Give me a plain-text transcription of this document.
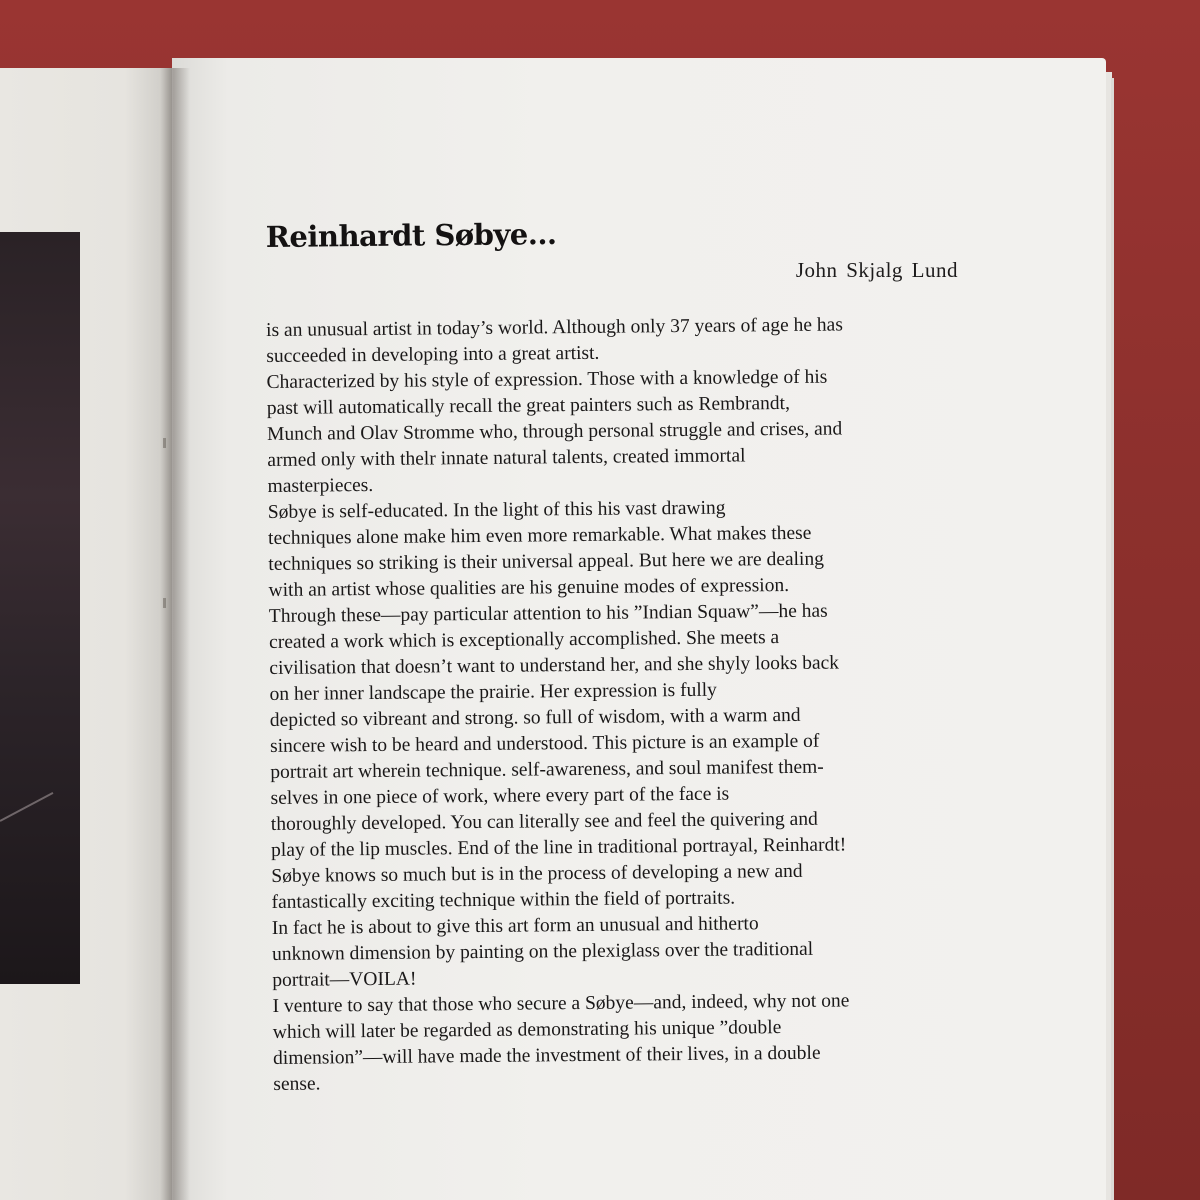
Reinhardt Søbye...
John Skjalg Lund
is an unusual artist in today’s world. Although only 37 years of age he has
succeeded in developing into a great artist.
Characterized by his style of expression. Those with a knowledge of his
past will automatically recall the great painters such as Rembrandt,
Munch and Olav Stromme who, through personal struggle and crises, and
armed only with thelr innate natural talents, created immortal
masterpieces.
Søbye is self-educated. In the light of this his vast drawing
techniques alone make him even more remarkable. What makes these
techniques so striking is their universal appeal. But here we are dealing
with an artist whose qualities are his genuine modes of expression.
Through these—pay particular attention to his ”Indian Squaw”—he has
created a work which is exceptionally accomplished. She meets a
civilisation that doesn’t want to understand her, and she shyly looks back
on her inner landscape the prairie. Her expression is fully
depicted so vibreant and strong. so full of wisdom, with a warm and
sincere wish to be heard and understood. This picture is an example of
portrait art wherein technique. self-awareness, and soul manifest them-
selves in one piece of work, where every part of the face is
thoroughly developed. You can literally see and feel the quivering and
play of the lip muscles. End of the line in traditional portrayal, Reinhardt!
Søbye knows so much but is in the process of developing a new and
fantastically exciting technique within the field of portraits.
In fact he is about to give this art form an unusual and hitherto
unknown dimension by painting on the plexiglass over the traditional
portrait—VOILA!
I venture to say that those who secure a Søbye—and, indeed, why not one
which will later be regarded as demonstrating his unique ”double
dimension”—will have made the investment of their lives, in a double
sense.
